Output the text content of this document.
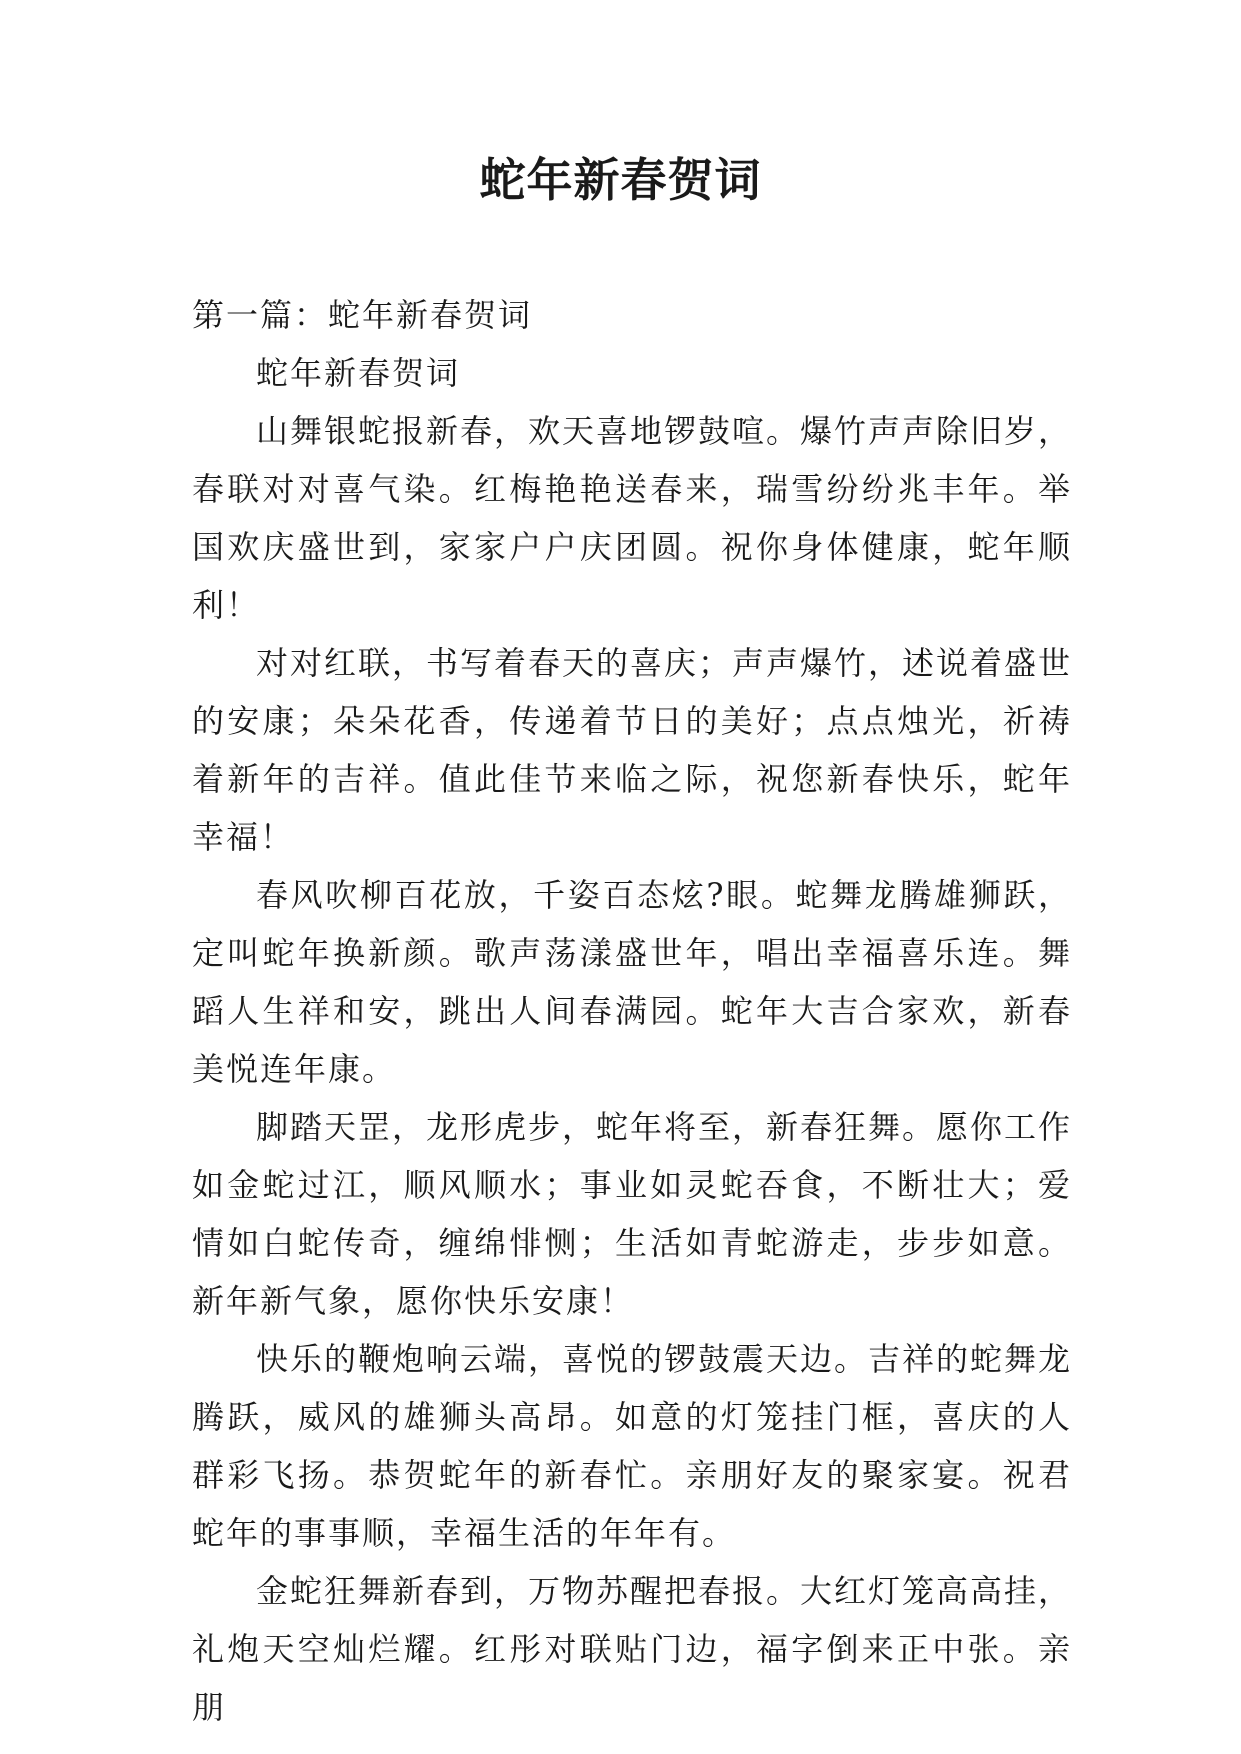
蛇年新春贺词

第一篇：蛇年新春贺词

蛇年新春贺词

山舞银蛇报新春，欢天喜地锣鼓喧。爆竹声声除旧岁，春联对对喜气染。红梅艳艳送春来，瑞雪纷纷兆丰年。举国欢庆盛世到，家家户户庆团圆。祝你身体健康，蛇年顺利！

对对红联，书写着春天的喜庆；声声爆竹，述说着盛世的安康；朵朵花香，传递着节日的美好；点点烛光，祈祷着新年的吉祥。值此佳节来临之际，祝您新春快乐，蛇年幸福！

春风吹柳百花放，千姿百态炫?眼。蛇舞龙腾雄狮跃，定叫蛇年换新颜。歌声荡漾盛世年，唱出幸福喜乐连。舞蹈人生祥和安，跳出人间春满园。蛇年大吉合家欢，新春美悦连年康。

脚踏天罡，龙形虎步，蛇年将至，新春狂舞。愿你工作如金蛇过江，顺风顺水；事业如灵蛇吞食，不断壮大；爱情如白蛇传奇，缠绵悱恻；生活如青蛇游走，步步如意。新年新气象，愿你快乐安康！

快乐的鞭炮响云端，喜悦的锣鼓震天边。吉祥的蛇舞龙腾跃，威风的雄狮头高昂。如意的灯笼挂门框，喜庆的人群彩飞扬。恭贺蛇年的新春忙。亲朋好友的聚家宴。祝君蛇年的事事顺，幸福生活的年年有。

金蛇狂舞新春到，万物苏醒把春报。大红灯笼高高挂，礼炮天空灿烂耀。红彤对联贴门边，福字倒来正中张。亲朋
